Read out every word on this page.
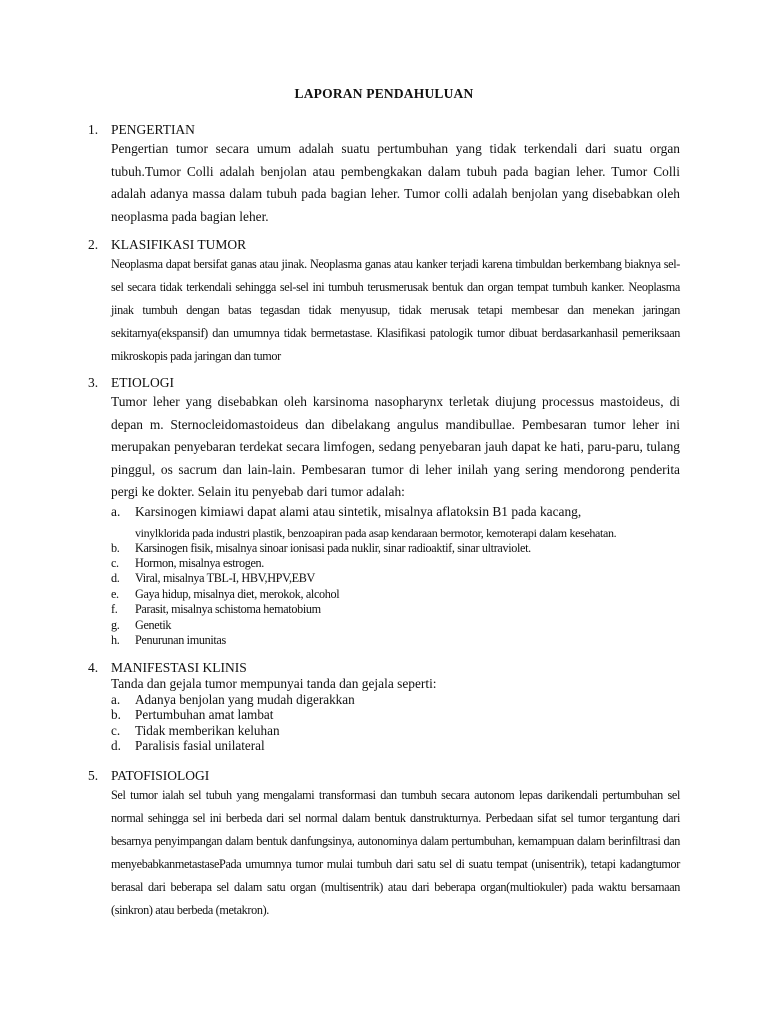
LAPORAN PENDAHULUAN
1. PENGERTIAN
Pengertian tumor secara umum adalah suatu pertumbuhan yang tidak terkendali dari suatu organ tubuh.Tumor Colli adalah benjolan atau pembengkakan dalam tubuh pada bagian leher. Tumor Colli adalah adanya massa dalam tubuh pada bagian leher. Tumor colli adalah benjolan yang disebabkan oleh neoplasma pada bagian leher.
2. KLASIFIKASI TUMOR
Neoplasma dapat bersifat ganas atau jinak. Neoplasma ganas atau kanker terjadi karena timbuldan berkembang biaknya sel-sel secara tidak terkendali sehingga sel-sel ini tumbuh terusmerusak bentuk dan organ tempat tumbuh kanker. Neoplasma jinak tumbuh dengan batas tegasdan tidak menyusup, tidak merusak tetapi membesar dan menekan jaringan sekitarnya(ekspansif) dan umumnya tidak bermetastase. Klasifikasi patologik tumor dibuat berdasarkanhasil pemeriksaan mikroskopis pada jaringan dan tumor
3. ETIOLOGI
Tumor leher yang disebabkan oleh karsinoma nasopharynx terletak diujung processus mastoideus, di depan m. Sternocleidomastoideus dan dibelakang angulus mandibullae. Pembesaran tumor leher ini merupakan penyebaran terdekat secara limfogen, sedang penyebaran jauh dapat ke hati, paru-paru, tulang pinggul, os sacrum dan lain-lain. Pembesaran tumor di leher inilah yang sering mendorong penderita pergi ke dokter. Selain itu penyebab dari tumor adalah:
a. Karsinogen kimiawi dapat alami atau sintetik, misalnya aflatoksin B1 pada kacang,
vinylklorida pada industri plastik, benzoapiran pada asap kendaraan bermotor, kemoterapi dalam kesehatan.
b. Karsinogen fisik, misalnya sinoar ionisasi pada nuklir, sinar radioaktif, sinar ultraviolet.
c. Hormon, misalnya estrogen.
d. Viral, misalnya TBL-I, HBV,HPV,EBV
e. Gaya hidup, misalnya diet, merokok, alcohol
f. Parasit, misalnya schistoma hematobium
g. Genetik
h. Penurunan imunitas
4. MANIFESTASI KLINIS
Tanda dan gejala tumor mempunyai tanda dan gejala seperti:
a. Adanya benjolan yang mudah digerakkan
b. Pertumbuhan amat lambat
c. Tidak memberikan keluhan
d. Paralisis fasial unilateral
5. PATOFISIOLOGI
Sel tumor ialah sel tubuh yang mengalami transformasi dan tumbuh secara autonom lepas darikendali pertumbuhan sel normal sehingga sel ini berbeda dari sel normal dalam bentuk danstrukturnya. Perbedaan sifat sel tumor tergantung dari besarnya penyimpangan dalam bentuk danfungsinya, autonominya dalam pertumbuhan, kemampuan dalam berinfiltrasi dan menyebabkanmetastasePada umumnya tumor mulai tumbuh dari satu sel di suatu tempat (unisentrik), tetapi kadangtumor berasal dari beberapa sel dalam satu organ (multisentrik) atau dari beberapa organ(multiokuler) pada waktu bersamaan (sinkron) atau berbeda (metakron).
